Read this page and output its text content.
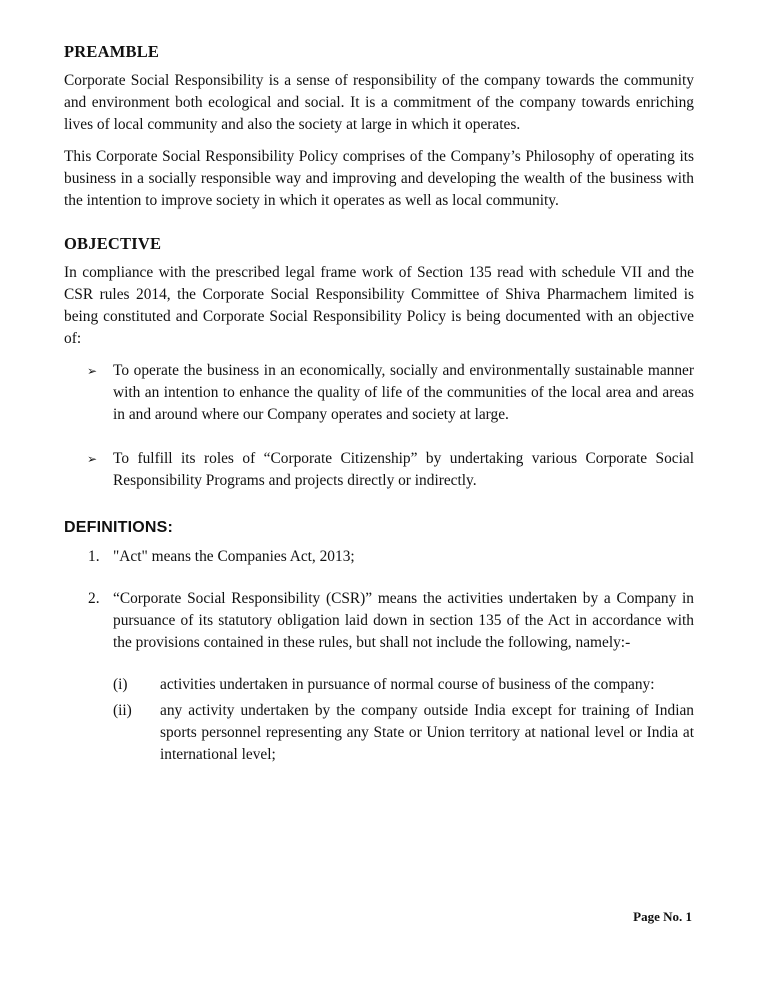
PREAMBLE

Corporate Social Responsibility is a sense of responsibility of the company towards the community and environment both ecological and social. It is a commitment of the company towards enriching lives of local community and also the society at large in which it operates.

This Corporate Social Responsibility Policy comprises of the Company’s Philosophy of operating its business in a socially responsible way and improving and developing the wealth of the business with the intention to improve society in which it operates as well as local community.

OBJECTIVE

In compliance with the prescribed legal frame work of Section 135 read with schedule VII and the CSR rules 2014, the Corporate Social Responsibility Committee of Shiva Pharmachem limited is being constituted and Corporate Social Responsibility Policy is being documented with an objective of:

➢ To operate the business in an economically, socially and environmentally sustainable manner with an intention to enhance the quality of life of the communities of the local area and areas in and around where our Company operates and society at large.
➢ To fulfill its roles of “Corporate Citizenship” by undertaking various Corporate Social Responsibility Programs and projects directly or indirectly.
DEFINITIONS:
1. "Act" means the Companies Act, 2013;
2. “Corporate Social Responsibility (CSR)” means the activities undertaken by a Company in pursuance of its statutory obligation laid down in section 135 of the Act in accordance with the provisions contained in these rules, but shall not include the following, namely:-
(i) activities undertaken in pursuance of normal course of business of the company:
(ii) any activity undertaken by the company outside India except for training of Indian sports personnel representing any State or Union territory at national level or India at international level;
Page No. 1
